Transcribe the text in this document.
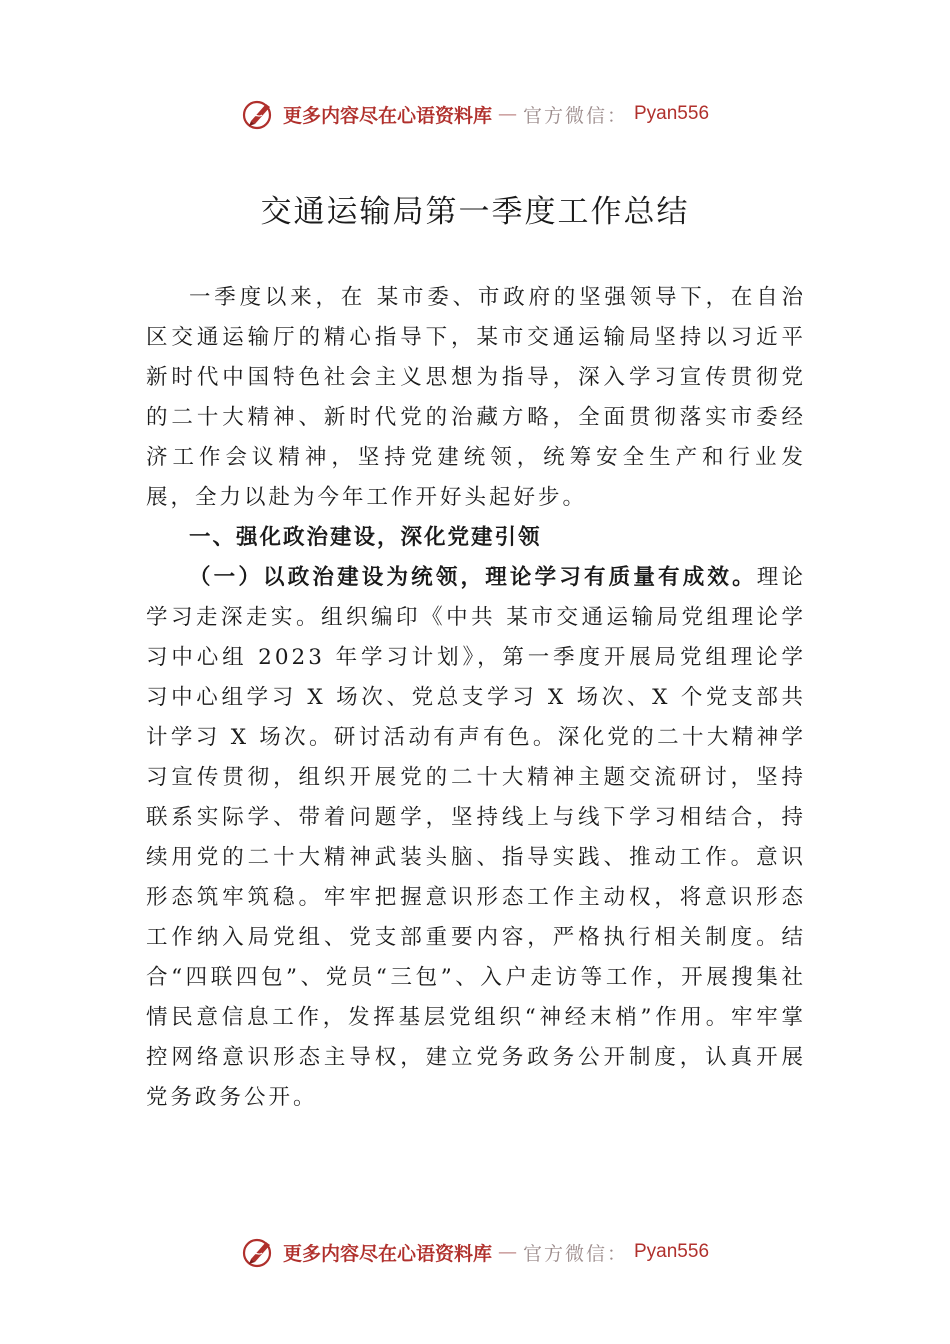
更多内容尽在心语资料库 — 官方微信： Pyan556
交通运输局第一季度工作总结

一季度以来，在 某市委、市政府的坚强领导下，在自治区交通运输厅的精心指导下，某市交通运输局坚持以习近平新时代中国特色社会主义思想为指导，深入学习宣传贯彻党的二十大精神、新时代党的治藏方略，全面贯彻落实市委经济工作会议精神，坚持党建统领，统筹安全生产和行业发展，全力以赴为今年工作开好头起好步。

一、强化政治建设，深化党建引领

（一）以政治建设为统领，理论学习有质量有成效。理论学习走深走实。组织编印《中共 某市交通运输局党组理论学习中心组 2023 年学习计划》，第一季度开展局党组理论学习中心组学习 X 场次、党总支学习 X 场次、X 个党支部共计学习 X 场次。研讨活动有声有色。深化党的二十大精神学习宣传贯彻，组织开展党的二十大精神主题交流研讨，坚持联系实际学、带着问题学，坚持线上与线下学习相结合，持续用党的二十大精神武装头脑、指导实践、推动工作。意识形态筑牢筑稳。牢牢把握意识形态工作主动权，将意识形态工作纳入局党组、党支部重要内容，严格执行相关制度。结合“四联四包”、党员“三包”、入户走访等工作，开展搜集社情民意信息工作，发挥基层党组织“神经末梢”作用。牢牢掌控网络意识形态主导权，建立党务政务公开制度，认真开展党务政务公开。

更多内容尽在心语资料库 — 官方微信： Pyan556
